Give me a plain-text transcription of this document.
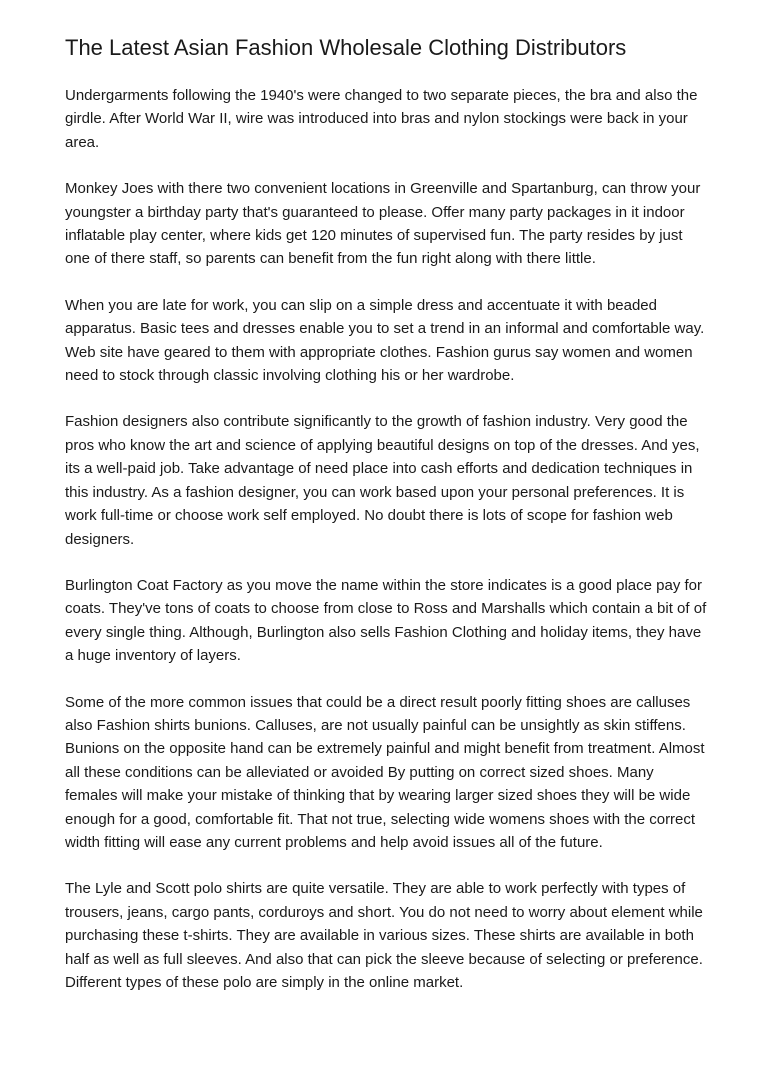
The Latest Asian Fashion Wholesale Clothing Distributors

Undergarments following the 1940's were changed to two separate pieces, the bra and also the girdle. After World War II, wire was introduced into bras and nylon stockings were back in your area.

Monkey Joes with there two convenient locations in Greenville and Spartanburg, can throw your youngster a birthday party that's guaranteed to please. Offer many party packages in it indoor inflatable play center, where kids get 120 minutes of supervised fun. The party resides by just one of there staff, so parents can benefit from the fun right along with there little.

When you are late for work, you can slip on a simple dress and accentuate it with beaded apparatus. Basic tees and dresses enable you to set a trend in an informal and comfortable way. Web site have geared to them with appropriate clothes. Fashion gurus say women and women need to stock through classic involving clothing his or her wardrobe.

Fashion designers also contribute significantly to the growth of fashion industry. Very good the pros who know the art and science of applying beautiful designs on top of the dresses. And yes, its a well-paid job. Take advantage of need place into cash efforts and dedication techniques in this industry. As a fashion designer, you can work based upon your personal preferences. It is work full-time or choose work self employed. No doubt there is lots of scope for fashion web designers.

Burlington Coat Factory as you move the name within the store indicates is a good place pay for coats. They've tons of coats to choose from close to Ross and Marshalls which contain a bit of of every single thing. Although, Burlington also sells Fashion Clothing and holiday items, they have a huge inventory of layers.

Some of the more common issues that could be a direct result poorly fitting shoes are calluses also Fashion shirts bunions. Calluses, are not usually painful can be unsightly as skin stiffens. Bunions on the opposite hand can be extremely painful and might benefit from treatment. Almost all these conditions can be alleviated or avoided By putting on correct sized shoes. Many females will make your mistake of thinking that by wearing larger sized shoes they will be wide enough for a good, comfortable fit. That not true, selecting wide womens shoes with the correct width fitting will ease any current problems and help avoid issues all of the future.

The Lyle and Scott polo shirts are quite versatile. They are able to work perfectly with types of trousers, jeans, cargo pants, corduroys and short. You do not need to worry about element while purchasing these t-shirts. They are available in various sizes. These shirts are available in both half as well as full sleeves. And also that can pick the sleeve because of selecting or preference. Different types of these polo are simply in the online market.
